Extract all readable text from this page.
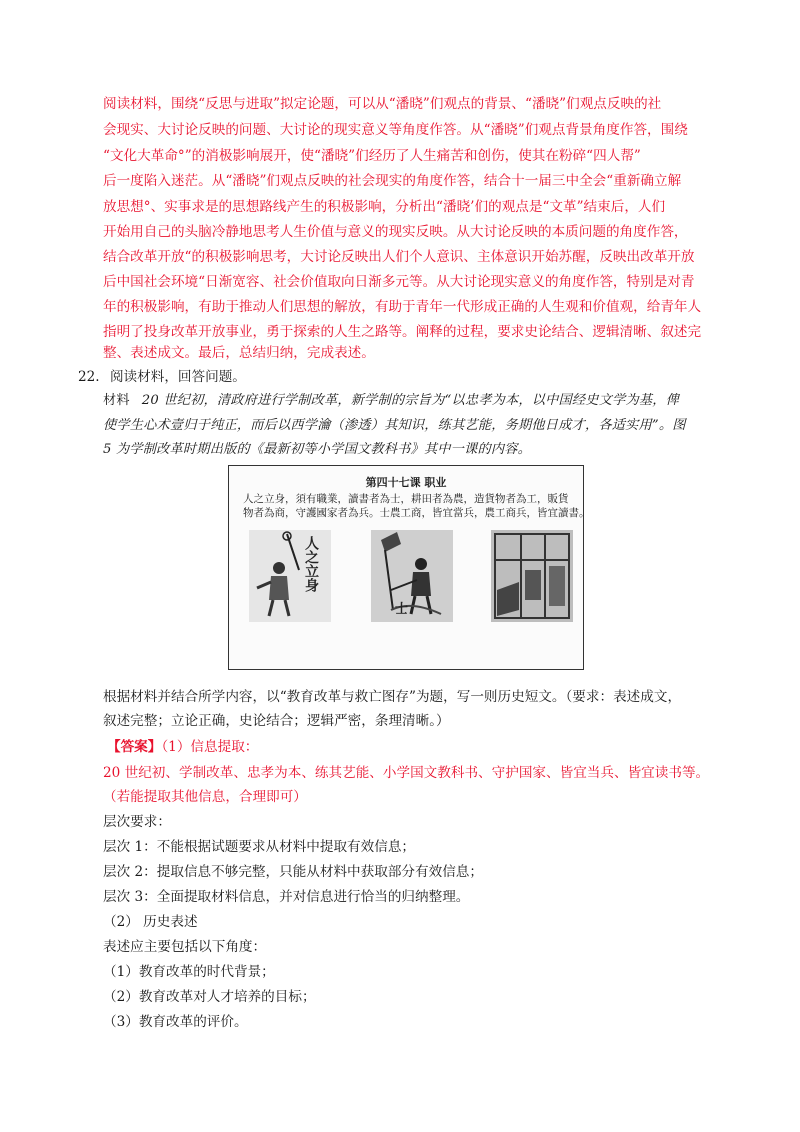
阅读材料，围绕“反思与进取”拟定论题，可以从“潘晓”们观点的背景、“潘晓”们观点反映的社
会现实、大讨论反映的问题、大讨论的现实意义等角度作答。从“潘晓”们观点背景角度作答，围绕
“文化大革命°”的消极影响展开，使“潘晓”们经历了人生痛苦和创伤，使其在粉碎“四人帮”
后一度陷入迷茫。从“潘晓”们观点反映的社会现实的角度作答，结合十一届三中全会“重新确立解
放思想°、实事求是的思想路线产生的积极影响，分析出“潘晓’们的观点是“文革”结束后，人们
开始用自己的头脑冷静地思考人生价值与意义的现实反映。从大讨论反映的本质问题的角度作答，
结合改革开放“的积极影响思考，大讨论反映出人们个人意识、主体意识开始苏醒，反映出改革开放
后中国社会环境“日渐宽容、社会价值取向日渐多元等。从大讨论现实意义的角度作答，特别是对青
年的积极影响，有助于推动人们思想的解放，有助于青年一代形成正确的人生观和价值观，给青年人
指明了投身改革开放事业，勇于探索的人生之路等。阐释的过程，要求史论结合、逻辑清晰、叙述完
整、表述成文。最后，总结归纳，完成表述。
22. 阅读材料，回答问题。
材料 20 世纪初，清政府进行学制改革，新学制的宗旨为“以忠孝为本，以中国经史文学为基，俾
使学生心术壹归于纯正，而后以西学瀹（渗透）其知识，练其艺能，务期他日成才，各适实用”。图
5 为学制改革时期出版的《最新初等小学国文教科书》其中一课的内容。
第四十七课 职业
人之立身，須有職業，讀書者為士，耕田者為農，造貨物者為工，販貨
物者為商，守護國家者為兵。士農工商，皆宜當兵，農工商兵，皆宜讀書。
人之立身
士
根据材料并结合所学内容，以“教育改革与救亡图存”为题，写一则历史短文。（要求：表述成文，
叙述完整；立论正确，史论结合；逻辑严密，条理清晰。）
【答案】（1）信息提取：
20 世纪初、学制改革、忠孝为本、练其艺能、小学国文教科书、守护国家、皆宜当兵、皆宜读书等。
（若能提取其他信息，合理即可）
层次要求：
层次 1：不能根据试题要求从材料中提取有效信息；
层次 2：提取信息不够完整，只能从材料中获取部分有效信息；
层次 3：全面提取材料信息，并对信息进行恰当的归纳整理。
（2） 历史表述
表述应主要包括以下角度：
（1）教育改革的时代背景；
（2）教育改革对人才培养的目标；
（3）教育改革的评价。
